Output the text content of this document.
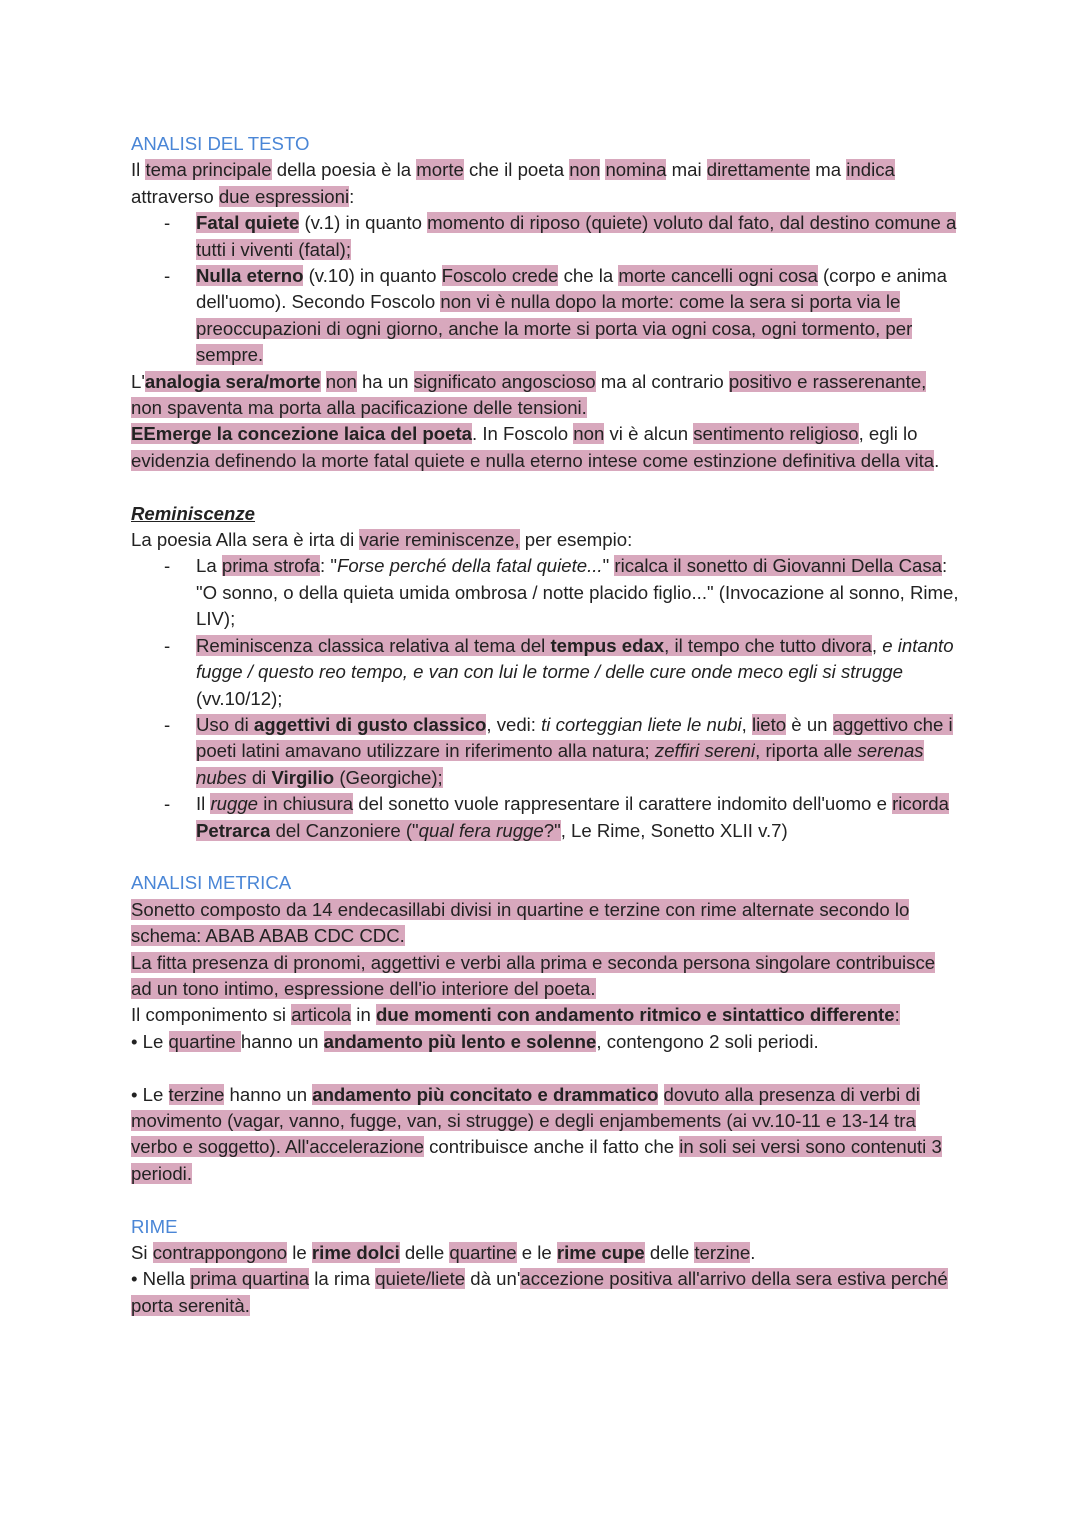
ANALISI DEL TESTO
Il tema principale della poesia è la morte che il poeta non nomina mai direttamente ma indica attraverso due espressioni:
- Fatal quiete (v.1) in quanto momento di riposo (quiete) voluto dal fato, dal destino comune a tutti i viventi (fatal);
- Nulla eterno (v.10) in quanto Foscolo crede che la morte cancelli ogni cosa (corpo e anima dell'uomo). Secondo Foscolo non vi è nulla dopo la morte: come la sera si porta via le preoccupazioni di ogni giorno, anche la morte si porta via ogni cosa, ogni tormento, per sempre.
L'analogia sera/morte non ha un significato angoscioso ma al contrario positivo e rasserenante, non spaventa ma porta alla pacificazione delle tensioni.
EEmerge la concezione laica del poeta. In Foscolo non vi è alcun sentimento religioso, egli lo evidenzia definendo la morte fatal quiete e nulla eterno intese come estinzione definitiva della vita.
Reminiscenze
La poesia Alla sera è irta di varie reminiscenze, per esempio:
- La prima strofa: "Forse perché della fatal quiete..." ricalca il sonetto di Giovanni Della Casa: "O sonno, o della quieta umida ombrosa / notte placido figlio..." (Invocazione al sonno, Rime, LIV);
- Reminiscenza classica relativa al tema del tempus edax, il tempo che tutto divora, e intanto fugge / questo reo tempo, e van con lui le torme / delle cure onde meco egli si strugge (vv.10/12);
- Uso di aggettivi di gusto classico, vedi: ti corteggian liete le nubi, lieto è un aggettivo che i poeti latini amavano utilizzare in riferimento alla natura; zeffiri sereni, riporta alle serenas nubes di Virgilio (Georgiche);
- Il rugge in chiusura del sonetto vuole rappresentare il carattere indomito dell'uomo e ricorda Petrarca del Canzoniere ("qual fera rugge?", Le Rime, Sonetto XLII v.7)
ANALISI METRICA
Sonetto composto da 14 endecasillabi divisi in quartine e terzine con rime alternate secondo lo schema: ABAB ABAB CDC CDC.
La fitta presenza di pronomi, aggettivi e verbi alla prima e seconda persona singolare contribuisce ad un tono intimo, espressione dell'io interiore del poeta.
Il componimento si articola in due momenti con andamento ritmico e sintattico differente:
• Le quartine hanno un andamento più lento e solenne, contengono 2 soli periodi.
• Le terzine hanno un andamento più concitato e drammatico dovuto alla presenza di verbi di movimento (vagar, vanno, fugge, van, si strugge) e degli enjambements (ai vv.10-11 e 13-14 tra verbo e soggetto). All'accelerazione contribuisce anche il fatto che in soli sei versi sono contenuti 3 periodi.
RIME
Si contrappongono le rime dolci delle quartine e le rime cupe delle terzine.
• Nella prima quartina la rima quiete/liete dà un'accezione positiva all'arrivo della sera estiva perché porta serenità.
